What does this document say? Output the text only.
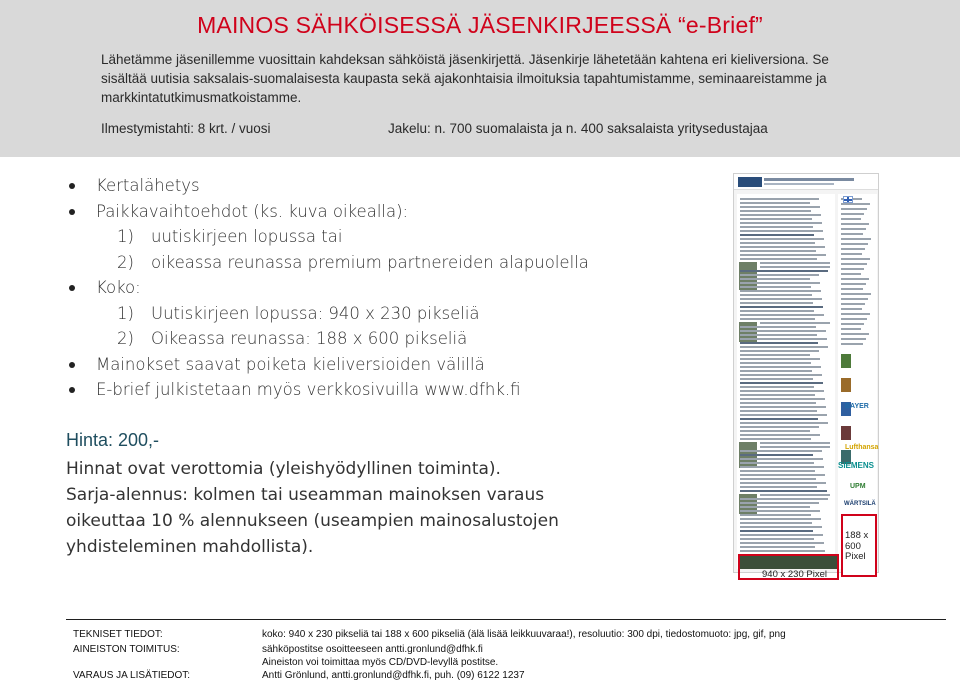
MAINOS SÄHKÖISESSÄ JÄSENKIRJEESSÄ “e-Brief”
Lähetämme jäsenillemme vuosittain kahdeksan sähköistä jäsenkirjettä. Jäsenkirje lähetetään kahtena eri kieliversiona. Se sisältää uutisia saksalais-suomalaisesta kaupasta sekä ajakonhtaisia ilmoituksia tapahtumistamme, seminaareistamme ja markkintatutkimusmatkoistamme.
Ilmestymistahti: 8 krt. / vuosi	Jakelu: n. 700 suomalaista ja n. 400 saksalaista yritysedustajaa
Kertalähetys
Paikkavaihtoehdot (ks. kuva oikealla):
1) uutiskirjeen lopussa tai
2) oikeassa reunassa premium partnereiden alapuolella
Koko:
1) Uutiskirjeen lopussa: 940 x 230 pikseliä
2) Oikeassa reunassa: 188 x 600 pikseliä
Mainokset saavat poiketa kieliversioiden välillä
E-brief julkistetaan myös verkkosivuilla www.dfhk.fi
Hinta: 200,-

Hinnat ovat verottomia (yleishyödyllinen toiminta).

Sarja-alennus: kolmen tai useamman mainoksen varaus

oikeuttaa 10 % alennukseen (useampien mainosalustojen

yhdisteleminen mahdollista).

BAYER
Lufthansa
SIEMENS
UPM
WÄRTSILÄ
188 x
600
Pixel
940 x 230 Pixel
TEKNISET TIEDOT:	koko: 940 x 230 pikseliä tai 188 x 600 pikseliä (älä lisää leikkuuvaraa!), resoluutio: 300 dpi, tiedostomuoto: jpg, gif, png
AINEISTON TOIMITUS:	sähköpostitse osoitteeseen antti.gronlund@dfhk.fi
Aineiston voi toimittaa myös CD/DVD-levyllä postitse.
VARAUS JA LISÄTIEDOT:	Antti Grönlund, antti.gronlund@dfhk.fi, puh. (09) 6122 1237
